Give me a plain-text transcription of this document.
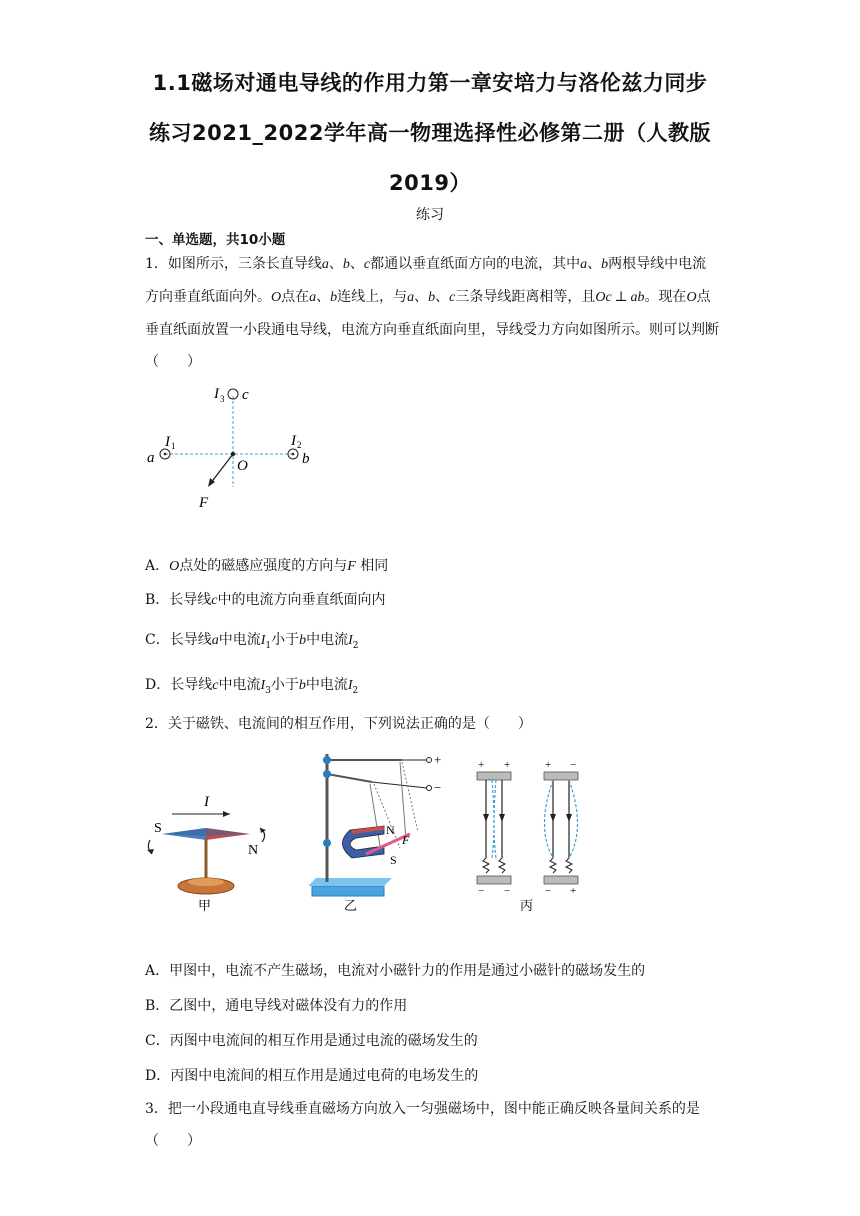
1.1磁场对通电导线的作用力第一章安培力与洛伦兹力同步
练习2021_2022学年高一物理选择性必修第二册（人教版
2019）
练习
一、单选题，共10小题
1．如图所示，三条长直导线a、b、c都通以垂直纸面方向的电流，其中a、b两根导线中电流方向垂直纸面向外。O点在a、b连线上，与a、b、c三条导线距离相等，且Oc ⊥ ab。现在O点垂直纸面放置一小段通电导线，电流方向垂直纸面向里，导线受力方向如图所示。则可以判断（　　）
I 3 c
I 1
a	O
I 2
b
F
A．O点处的磁感应强度的方向与F 相同
B．长导线c中的电流方向垂直纸面向内
C．长导线a中电流$I_1$小于b中电流$I_2$
D．长导线c中电流$I_3$小于b中电流$I_2$
2．关于磁铁、电流间的相互作用，下列说法正确的是（　　）
I
S
N
甲
+
−
N
S
F
乙
+ +
− −
+ −
− +
丙
A．甲图中，电流不产生磁场，电流对小磁针力的作用是通过小磁针的磁场发生的
B．乙图中，通电导线对磁体没有力的作用
C．丙图中电流间的相互作用是通过电流的磁场发生的
D．丙图中电流间的相互作用是通过电荷的电场发生的
3．把一小段通电直导线垂直磁场方向放入一匀强磁场中，图中能正确反映各量间关系的是（　　）
